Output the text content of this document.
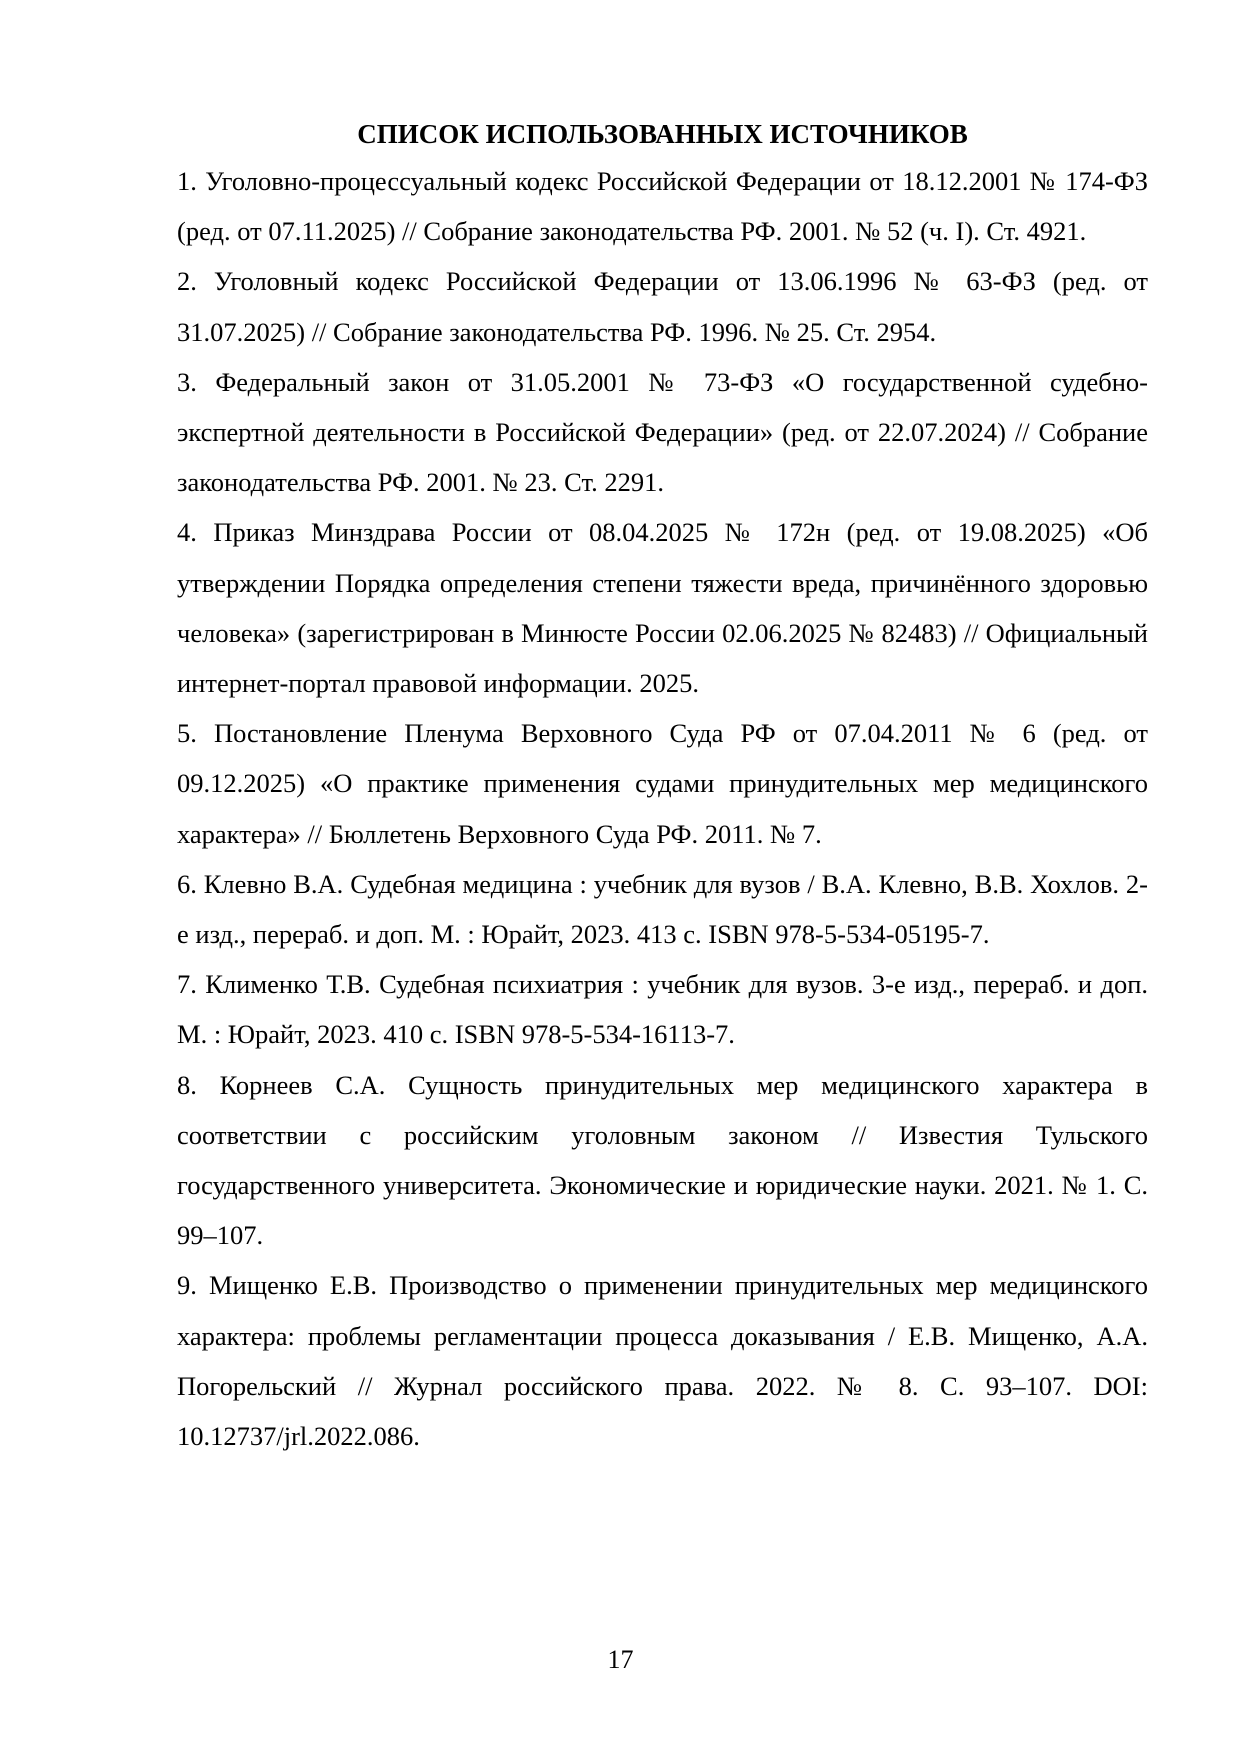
СПИСОК ИСПОЛЬЗОВАННЫХ ИСТОЧНИКОВ
1. Уголовно-процессуальный кодекс Российской Федерации от 18.12.2001 № 174-ФЗ (ред. от 07.11.2025) // Собрание законодательства РФ. 2001. № 52 (ч. I). Ст. 4921.
2. Уголовный кодекс Российской Федерации от 13.06.1996 № 63-ФЗ (ред. от 31.07.2025) // Собрание законодательства РФ. 1996. № 25. Ст. 2954.
3. Федеральный закон от 31.05.2001 № 73-ФЗ «О государственной судебно-экспертной деятельности в Российской Федерации» (ред. от 22.07.2024) // Собрание законодательства РФ. 2001. № 23. Ст. 2291.
4. Приказ Минздрава России от 08.04.2025 № 172н (ред. от 19.08.2025) «Об утверждении Порядка определения степени тяжести вреда, причинённого здоровью человека» (зарегистрирован в Минюсте России 02.06.2025 № 82483) // Официальный интернет-портал правовой информации. 2025.
5. Постановление Пленума Верховного Суда РФ от 07.04.2011 № 6 (ред. от 09.12.2025) «О практике применения судами принудительных мер медицинского характера» // Бюллетень Верховного Суда РФ. 2011. № 7.
6. Клевно В.А. Судебная медицина : учебник для вузов / В.А. Клевно, В.В. Хохлов. 2-е изд., перераб. и доп. М. : Юрайт, 2023. 413 с. ISBN 978-5-534-05195-7.
7. Клименко Т.В. Судебная психиатрия : учебник для вузов. 3-е изд., перераб. и доп. М. : Юрайт, 2023. 410 с. ISBN 978-5-534-16113-7.
8. Корнеев С.А. Сущность принудительных мер медицинского характера в соответствии с российским уголовным законом // Известия Тульского государственного университета. Экономические и юридические науки. 2021. № 1. С. 99–107.
9. Мищенко Е.В. Производство о применении принудительных мер медицинского характера: проблемы регламентации процесса доказывания / Е.В. Мищенко, А.А. Погорельский // Журнал российского права. 2022. № 8. С. 93–107. DOI: 10.12737/jrl.2022.086.
17
